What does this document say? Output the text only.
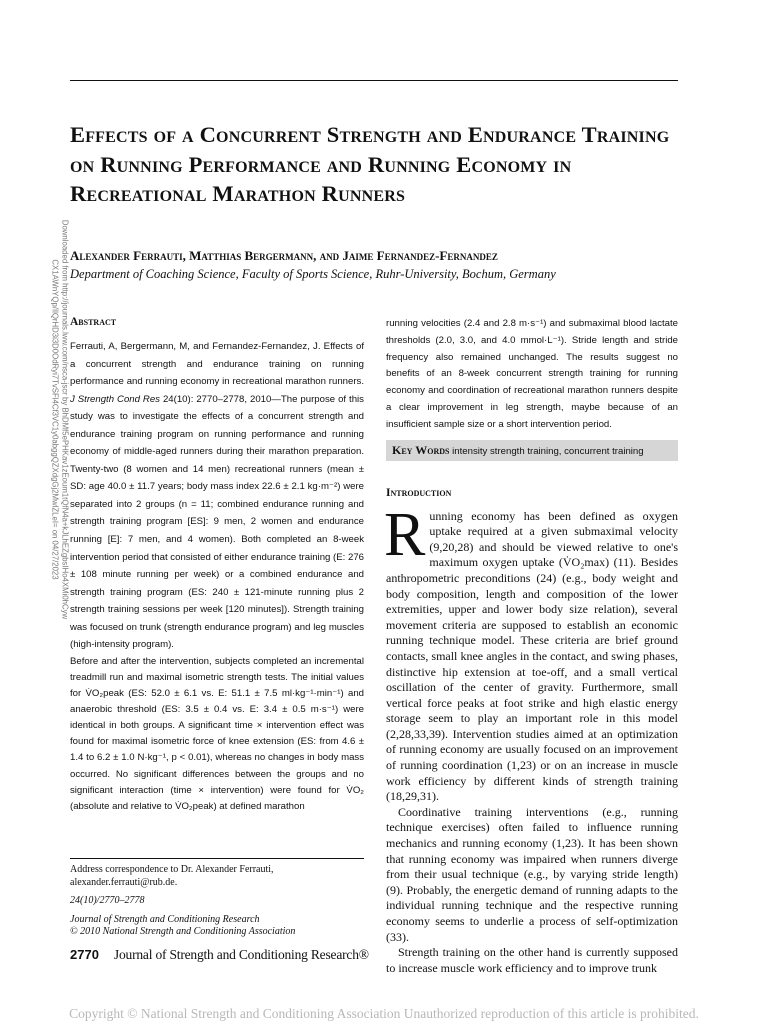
Effects of a Concurrent Strength and Endurance Training on Running Performance and Running Economy in Recreational Marathon Runners
Alexander Ferrauti, Matthias Bergermann, and Jaime Fernandez-Fernandez
Department of Coaching Science, Faculty of Sports Science, Ruhr-University, Bochum, Germany
Downloaded from http://journals.lww.com/nsca-jscr by BhDMf5ePHKav1zEoum1tQfN4a+kJLhEZgbsIHo4XMi0hCyw CX1AWnYQp/IlQrHD3i3D0OdRyi7TvSFl4Cf3VC1y0abggQZXdgGj2MwlZLeI= on 04/27/2023 Abstract

Ferrauti, A, Bergermann, M, and Fernandez-Fernandez, J. Effects of a concurrent strength and endurance training on running performance and running economy in recreational marathon runners. J Strength Cond Res 24(10): 2770–2778, 2010—The purpose of this study was to investigate the effects of a concurrent strength and endurance training program on running performance and running economy of middle-aged runners during their marathon preparation. Twenty-two (8 women and 14 men) recreational runners (mean ± SD: age 40.0 ± 11.7 years; body mass index 22.6 ± 2.1 kg·m⁻²) were separated into 2 groups (n = 11; combined endurance running and strength training program [ES]: 9 men, 2 women and endurance running [E]: 7 men, and 4 women). Both completed an 8-week intervention period that consisted of either endurance training (E: 276 ± 108 minute running per week) or a combined endurance and strength training program (ES: 240 ± 121-minute running plus 2 strength training sessions per week [120 minutes]). Strength training was focused on trunk (strength endurance program) and leg muscles (high-intensity program).

Before and after the intervention, subjects completed an incremental treadmill run and maximal isometric strength tests. The initial values for V̇O₂peak (ES: 52.0 ± 6.1 vs. E: 51.1 ± 7.5 ml·kg⁻¹·min⁻¹) and anaerobic threshold (ES: 3.5 ± 0.4 vs. E: 3.4 ± 0.5 m·s⁻¹) were identical in both groups. A significant time × intervention effect was found for maximal isometric force of knee extension (ES: from 4.6 ± 1.4 to 6.2 ± 1.0 N·kg⁻¹, p < 0.01), whereas no changes in body mass occurred. No significant differences between the groups and no significant interaction (time × intervention) were found for V̇O₂ (absolute and relative to V̇O₂peak) at defined marathon

running velocities (2.4 and 2.8 m·s⁻¹) and submaximal blood lactate thresholds (2.0, 3.0, and 4.0 mmol·L⁻¹). Stride length and stride frequency also remained unchanged. The results suggest no benefits of an 8-week concurrent strength training for running economy and coordination of recreational marathon runners despite a clear improvement in leg strength, maybe because of an insufficient sample size or a short intervention period.

Key Words intensity strength training, concurrent training
Introduction

Running economy has been defined as oxygen uptake required at a given submaximal velocity (9,20,28) and should be viewed relative to one's maximum oxygen uptake (V̇O₂max) (11). Besides anthropometric preconditions (24) (e.g., body weight and body composition, length and composition of the lower extremities, upper and lower body size relation), several movement criteria are supposed to establish an economic running technique model. These criteria are brief ground contacts, small knee angles in the contact, and swing phases, distinctive hip extension at toe-off, and a small vertical oscillation of the center of gravity. Furthermore, small vertical force peaks at foot strike and high elastic energy storage seem to play an important role in this model (2,28,33,39). Intervention studies aimed at an optimization of running economy are usually focused on an improvement of running coordination (1,23) or on an increase in muscle work efficiency by different kinds of strength training (18,29,31).

Coordinative training interventions (e.g., running technique exercises) often failed to influence running mechanics and running economy (1,23). It has been shown that running economy was impaired when runners diverge from their usual technique (e.g., by varying stride length) (9). Probably, the energetic demand of running adapts to the individual running technique and the respective running economy seems to underlie a process of self-optimization (33).

Strength training on the other hand is currently supposed to increase muscle work efficiency and to improve trunk

Address correspondence to Dr. Alexander Ferrauti, alexander.ferrauti@rub.de.

24(10)/2770–2778

Journal of Strength and Conditioning Research
© 2010 National Strength and Conditioning Association

2770 Journal of Strength and Conditioning Research®
Copyright © National Strength and Conditioning Association Unauthorized reproduction of this article is prohibited.
